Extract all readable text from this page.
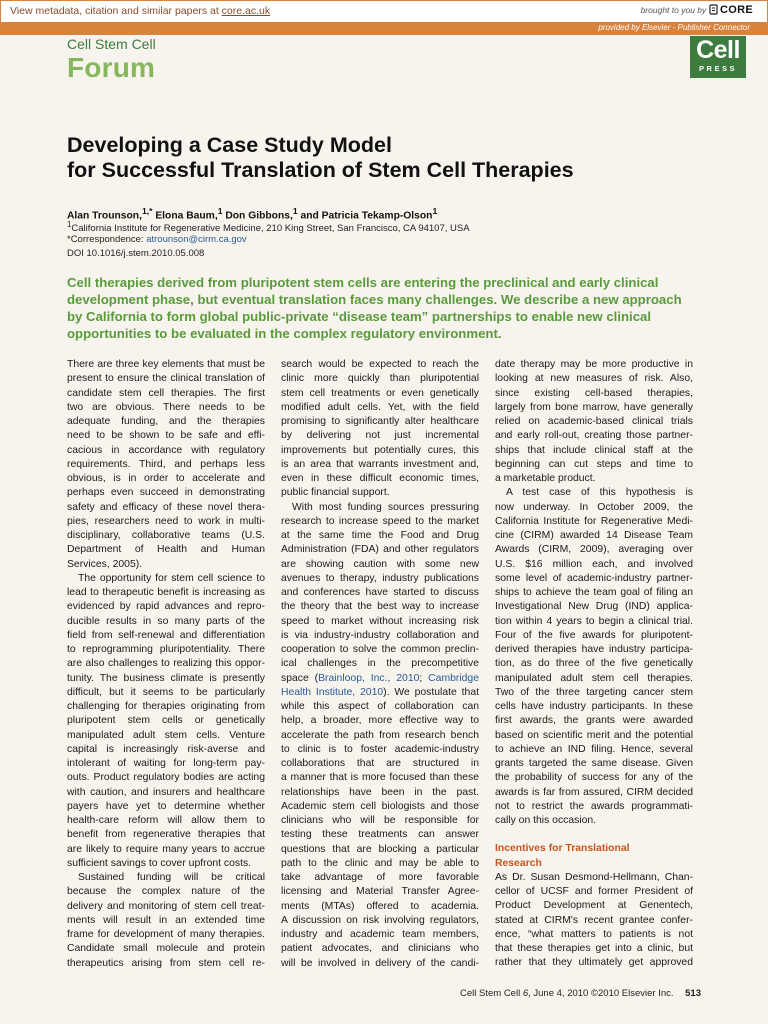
View metadata, citation and similar papers at core.ac.uk	brought to you by CORE
provided by Elsevier - Publisher Connector
Cell Stem Cell
Forum
Cell
PRESS
Developing a Case Study Model
for Successful Translation of Stem Cell Therapies
Alan Trounson,$^{1,*}$ Elona Baum,$^1$ Don Gibbons,$^1$ and Patricia Tekamp-Olson$^1$
$^1$California Institute for Regenerative Medicine, 210 King Street, San Francisco, CA 94107, USA
*Correspondence: atrounson@cirm.ca.gov
DOI 10.1016/j.stem.2010.05.008
Cell therapies derived from pluripotent stem cells are entering the preclinical and early clinical development phase, but eventual translation faces many challenges. We describe a new approach by California to form global public-private “disease team” partnerships to enable new clinical opportunities to be evaluated in the complex regulatory environment.

There are three key elements that must be

present to ensure the clinical translation of

candidate stem cell therapies. The first

two are obvious. There needs to be

adequate funding, and the therapies

need to be shown to be safe and effi-

cacious in accordance with regulatory

requirements. Third, and perhaps less

obvious, is in order to accelerate and

perhaps even succeed in demonstrating

safety and efficacy of these novel thera-

pies, researchers need to work in multi-

disciplinary, collaborative teams (U.S.

Department of Health and Human

Services, 2005).

The opportunity for stem cell science to

lead to therapeutic benefit is increasing as

evidenced by rapid advances and repro-

ducible results in so many parts of the

field from self-renewal and differentiation

to reprogramming pluripotentiality. There

are also challenges to realizing this oppor-

tunity. The business climate is presently

difficult, but it seems to be particularly

challenging for therapies originating from

pluripotent stem cells or genetically

manipulated adult stem cells. Venture

capital is increasingly risk-averse and

intolerant of waiting for long-term pay-

outs. Product regulatory bodies are acting

with caution, and insurers and healthcare

payers have yet to determine whether

health-care reform will allow them to

benefit from regenerative therapies that

are likely to require many years to accrue

sufficient savings to cover upfront costs.

Sustained funding will be critical

because the complex nature of the

delivery and monitoring of stem cell treat-

ments will result in an extended time

frame for development of many therapies.

Candidate small molecule and protein

therapeutics arising from stem cell re-

search would be expected to reach the

clinic more quickly than pluripotential

stem cell treatments or even genetically

modified adult cells. Yet, with the field

promising to significantly alter healthcare

by delivering not just incremental

improvements but potentially cures, this

is an area that warrants investment and,

even in these difficult economic times,

public financial support.

With most funding sources pressuring

research to increase speed to the market

at the same time the Food and Drug

Administration (FDA) and other regulators

are showing caution with some new

avenues to therapy, industry publications

and conferences have started to discuss

the theory that the best way to increase

speed to market without increasing risk

is via industry-industry collaboration and

cooperation to solve the common preclin-

ical challenges in the precompetitive

space (Brainloop, Inc., 2010; Cambridge

Health Institute, 2010). We postulate that

while this aspect of collaboration can

help, a broader, more effective way to

accelerate the path from research bench

to clinic is to foster academic-industry

collaborations that are structured in

a manner that is more focused than these

relationships have been in the past.

Academic stem cell biologists and those

clinicians who will be responsible for

testing these treatments can answer

questions that are blocking a particular

path to the clinic and may be able to

take advantage of more favorable

licensing and Material Transfer Agree-

ments (MTAs) offered to academia.

A discussion on risk involving regulators,

industry and academic team members,

patient advocates, and clinicians who

will be involved in delivery of the candi-

date therapy may be more productive in

looking at new measures of risk. Also,

since existing cell-based therapies,

largely from bone marrow, have generally

relied on academic-based clinical trials

and early roll-out, creating those partner-

ships that include clinical staff at the

beginning can cut steps and time to

a marketable product.

A test case of this hypothesis is

now underway. In October 2009, the

California Institute for Regenerative Medi-

cine (CIRM) awarded 14 Disease Team

Awards (CIRM, 2009), averaging over

U.S. $16 million each, and involved

some level of academic-industry partner-

ships to achieve the team goal of filing an

Investigational New Drug (IND) applica-

tion within 4 years to begin a clinical trial.

Four of the five awards for pluripotent-

derived therapies have industry participa-

tion, as do three of the five genetically

manipulated adult stem cell therapies.

Two of the three targeting cancer stem

cells have industry participants. In these

first awards, the grants were awarded

based on scientific merit and the potential

to achieve an IND filing. Hence, several

grants targeted the same disease. Given

the probability of success for any of the

awards is far from assured, CIRM decided

not to restrict the awards programmati-

cally on this occasion.

Incentives for Translational

Research

As Dr. Susan Desmond-Hellmann, Chan-

cellor of UCSF and former President of

Product Development at Genentech,

stated at CIRM's recent grantee confer-

ence, “what matters to patients is not

that these therapies get into a clinic, but

rather that they ultimately get approved

Cell Stem Cell 6, June 4, 2010 ©2010 Elsevier Inc. 513
